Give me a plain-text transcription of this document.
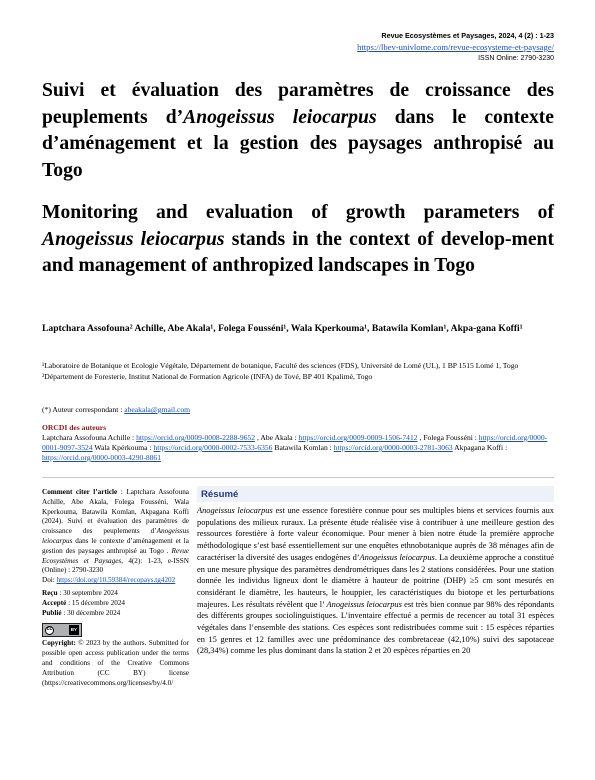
Revue Ecosystèmes et Paysages, 2024, 4 (2) : 1-23
https://lbev-univlome.com/revue-ecosysteme-et-paysage/
ISSN Online: 2790-3230
Suivi et évaluation des paramètres de croissance des peuplements d’Anogeissus leiocarpus dans le contexte d’aménagement et la gestion des paysages anthropisé au Togo
Monitoring and evaluation of growth parameters of Anogeissus leiocarpus stands in the context of develop-ment and management of anthropized landscapes in Togo
Laptchara Assofouna² Achille, Abe Akala¹, Folega Fousséni¹, Wala Kperkouma¹, Batawila Komlan¹, Akpa-gana Koffi¹
¹Laboratoire de Botanique et Ecologie Végétale, Département de botanique, Faculté des sciences (FDS), Université de Lomé (UL), 1 BP 1515 Lomé 1, Togo
²Département de Foresterie, Institut National de Formation Agricole (INFA) de Tové, BP 401 Kpalimé, Togo
(*) Auteur correspondant : abeakala@gmail.com
ORCDI des auteurs
Laptchara Assofouna Achille : https://orcid.org/0009-0008-2288-9652 , Abe Akala : https://orcid.org/0009-0009-1506-7412 , Folega Fousséni : https://orcid.org/0000-0001-9097-3524 Wala Kpérkouma : https://orcid.org/0000-0002-7533-6356 Batawila Komlan : https://orcid.org/0000-0003-2781-3063 Akpagana Koffi : https://orcid.org/0000-0003-4290-8861
Comment citer l’article : Laptchara Assofouna Achille, Abe Akala, Folega Fousséni, Wala Kperkouma, Batawila Komlan, Akpagana Koffi (2024). Suivi et évaluation des paramètres de croissance des peuplements d’Anogeissus leiocarpus dans le contexte d’aménagement et la gestion des paysages anthropisé au Togo . Revue Ecosystèmes et Paysages, 4(2): 1-23, e-ISSN (Online) : 2790-3230
Doi: https://doi.org/10.59384/recopays.tg4202
Reçu : 30 septembre 2024
Accepté : 15 décembre 2024
Publié : 30 décembre 2024
cc	BY
Copyright: © 2023 by the authors. Submitted for possible open access publication under the terms and conditions of the Creative Commons Attribution (CC BY) license (https://creativecommons.org/licenses/by/4.0/
Résumé
Anogeissus leiocarpus est une essence forestière connue pour ses multiples biens et services fournis aux populations des milieux ruraux. La présente étude réalisée vise à contribuer à une meilleure gestion des ressources forestière à forte valeur économique. Pour mener à bien notre étude la première approche méthodologique s’est basé essentiellement sur une enquêtes ethnobotanique auprès de 38 ménages afin de caractériser la diversité des usages endogènes d’Anogeissus leiocarpus. La deuxième approche a constitué en une mesure physique des paramètres dendrométriques dans les 2 stations considérées. Pour une station donnée les individus ligneux dont le diamètre à hauteur de poitrine (DHP) ≥5 cm sont mesurés en considérant le diamètre, les hauteurs, le houppier, les caractéristiques du biotope et les perturbations majeures. Les résultats révèlent que l’ Anogeissus leiocarpus est très bien connue par 98% des répondants des différents groupes sociolinguistiques. L’inventaire effectué a permis de recencer au total 31 espèces végétales dans l’ensemble des stations. Ces espèces sont redistribuées comme suit : 15 espèces réparties en 15 genres et 12 familles avec une prédominance des combretaceae (42,10%) suivi des sapotaceae (28,34%) comme les plus dominant dans la station 2 et 20 espèces réparties en 20
